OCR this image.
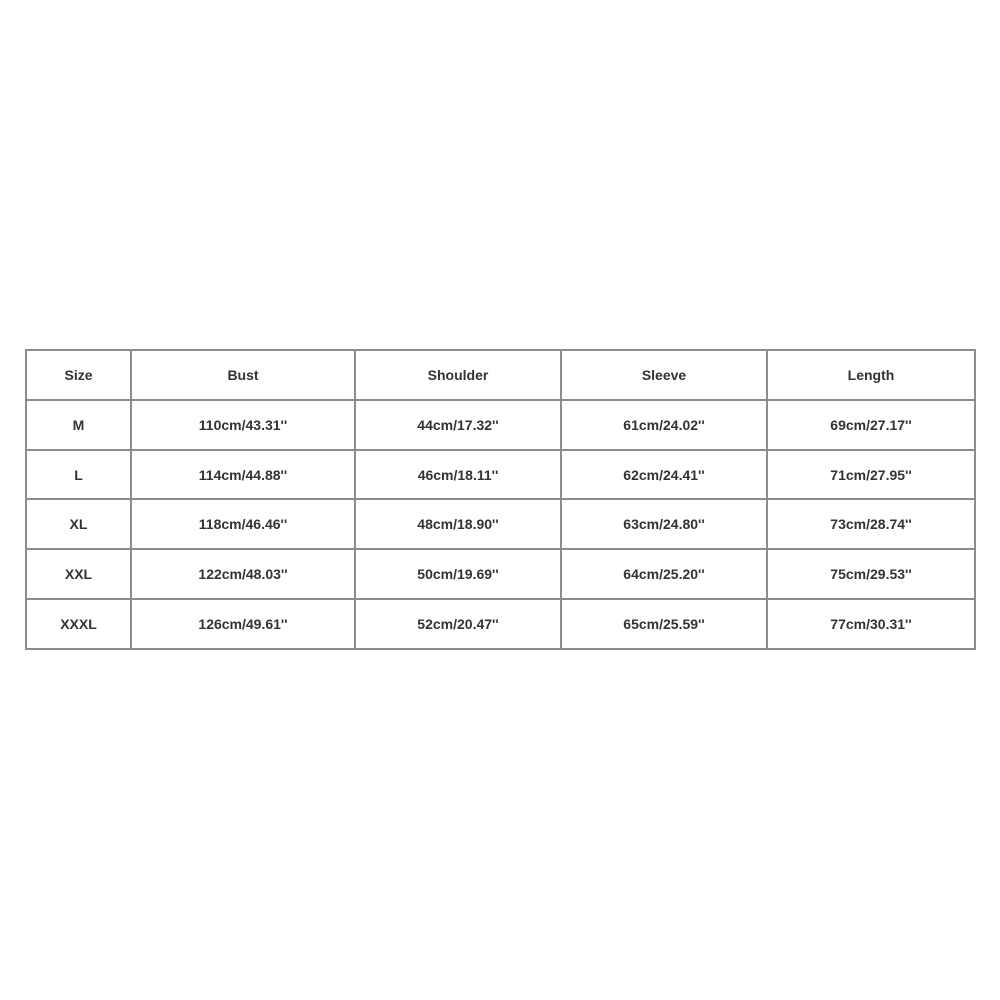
Size	Bust	Shoulder	Sleeve	Length
M	110cm/43.31''	44cm/17.32''	61cm/24.02''	69cm/27.17''
L	114cm/44.88''	46cm/18.11''	62cm/24.41''	71cm/27.95''
XL	118cm/46.46''	48cm/18.90''	63cm/24.80''	73cm/28.74''
XXL	122cm/48.03''	50cm/19.69''	64cm/25.20''	75cm/29.53''
XXXL	126cm/49.61''	52cm/20.47''	65cm/25.59''	77cm/30.31''
